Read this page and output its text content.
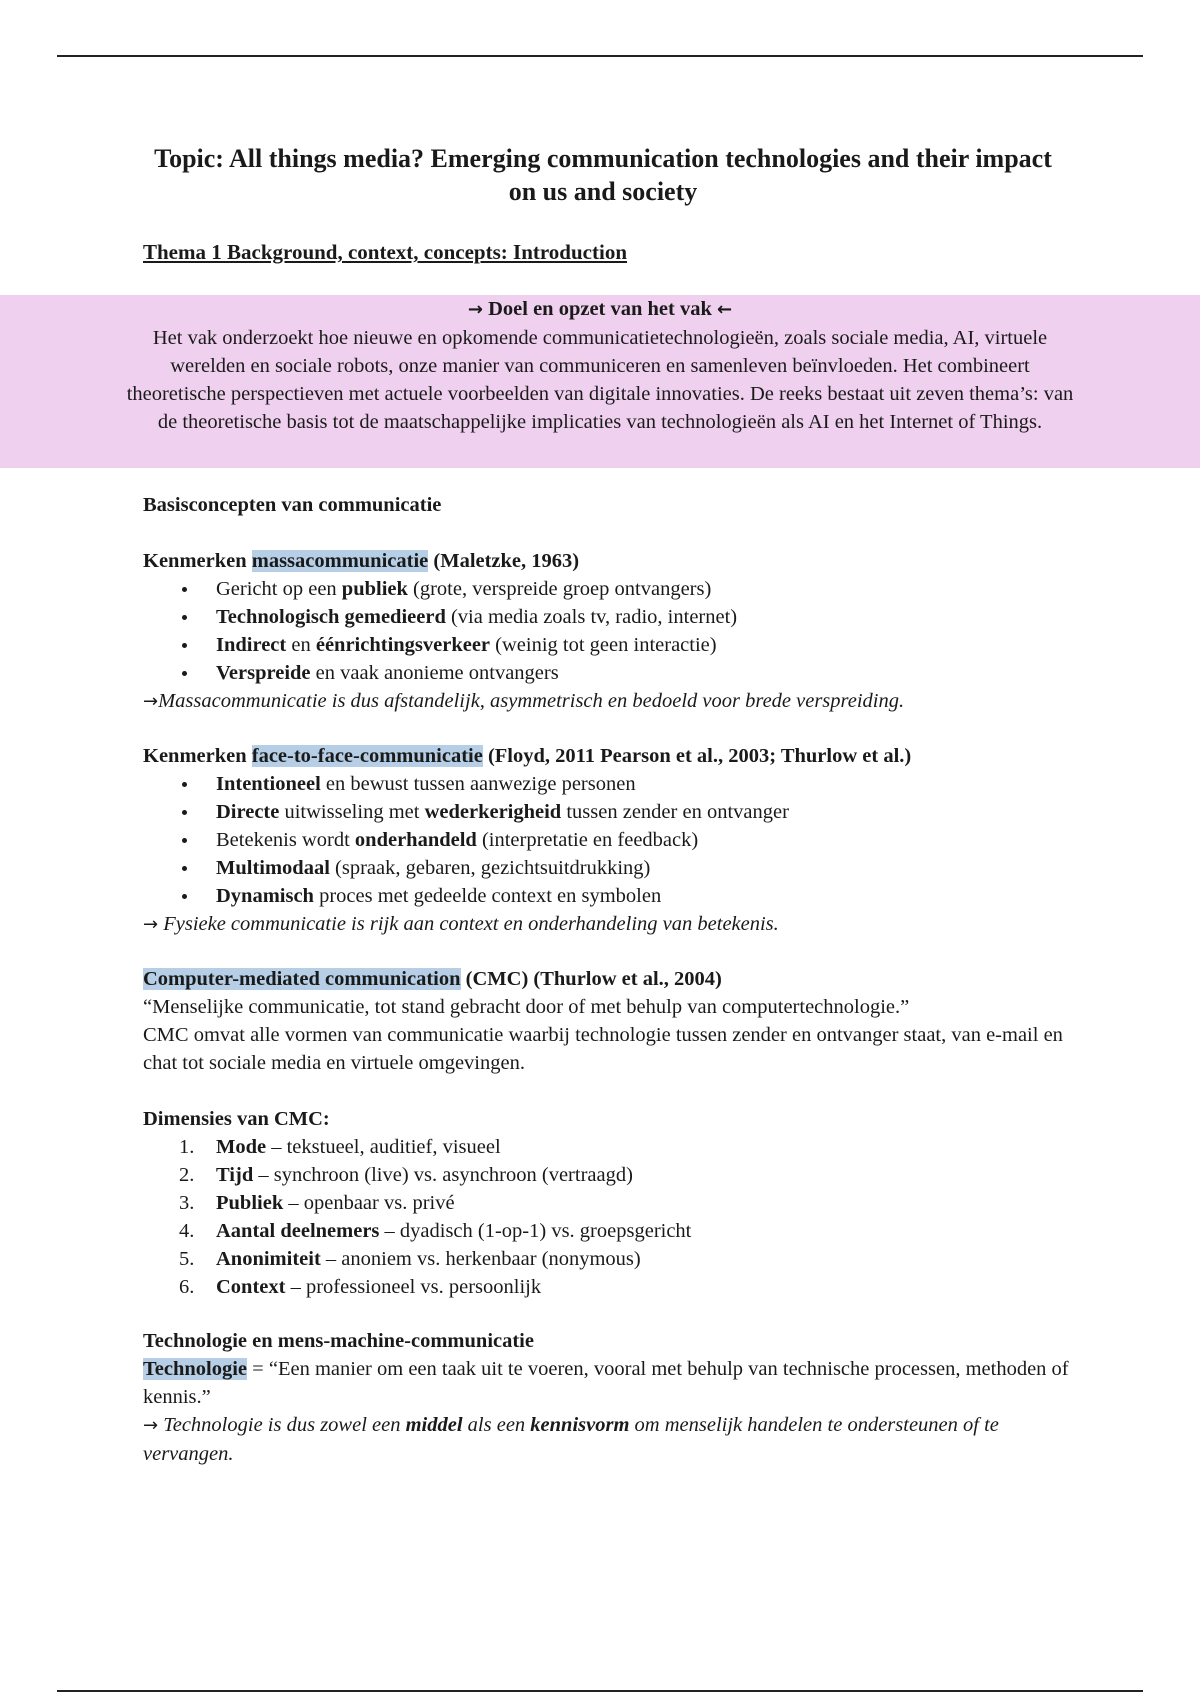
Topic: All things media? Emerging communication technologies and their impact on us and society
Thema 1 Background, context, concepts: Introduction
→ Doel en opzet van het vak ←
Het vak onderzoekt hoe nieuwe en opkomende communicatietechnologieën, zoals sociale media, AI, virtuele werelden en sociale robots, onze manier van communiceren en samenleven beïnvloeden. Het combineert theoretische perspectieven met actuele voorbeelden van digitale innovaties. De reeks bestaat uit zeven thema’s: van de theoretische basis tot de maatschappelijke implicaties van technologieën als AI en het Internet of Things.
Basisconcepten van communicatie
Kenmerken massacommunicatie (Maletzke, 1963)
Gericht op een publiek (grote, verspreide groep ontvangers)
Technologisch gemedieerd (via media zoals tv, radio, internet)
Indirect en éénrichtingsverkeer (weinig tot geen interactie)
Verspreide en vaak anonieme ontvangers
→Massacommunicatie is dus afstandelijk, asymmetrisch en bedoeld voor brede verspreiding.
Kenmerken face-to-face-communicatie (Floyd, 2011 Pearson et al., 2003; Thurlow et al.)
Intentioneel en bewust tussen aanwezige personen
Directe uitwisseling met wederkerigheid tussen zender en ontvanger
Betekenis wordt onderhandeld (interpretatie en feedback)
Multimodaal (spraak, gebaren, gezichtsuitdrukking)
Dynamisch proces met gedeelde context en symbolen
→ Fysieke communicatie is rijk aan context en onderhandeling van betekenis.
Computer-mediated communication (CMC) (Thurlow et al., 2004)
“Menselijke communicatie, tot stand gebracht door of met behulp van computertechnologie.”
CMC omvat alle vormen van communicatie waarbij technologie tussen zender en ontvanger staat, van e-mail en chat tot sociale media en virtuele omgevingen.
Dimensies van CMC:
1. Mode – tekstueel, auditief, visueel
2. Tijd – synchroon (live) vs. asynchroon (vertraagd)
3. Publiek – openbaar vs. privé
4. Aantal deelnemers – dyadisch (1-op-1) vs. groepsgericht
5. Anonimiteit – anoniem vs. herkenbaar (nonymous)
6. Context – professioneel vs. persoonlijk
Technologie en mens-machine-communicatie
Technologie = “Een manier om een taak uit te voeren, vooral met behulp van technische processen, methoden of kennis.”
→ Technologie is dus zowel een middel als een kennisvorm om menselijk handelen te ondersteunen of te vervangen.
